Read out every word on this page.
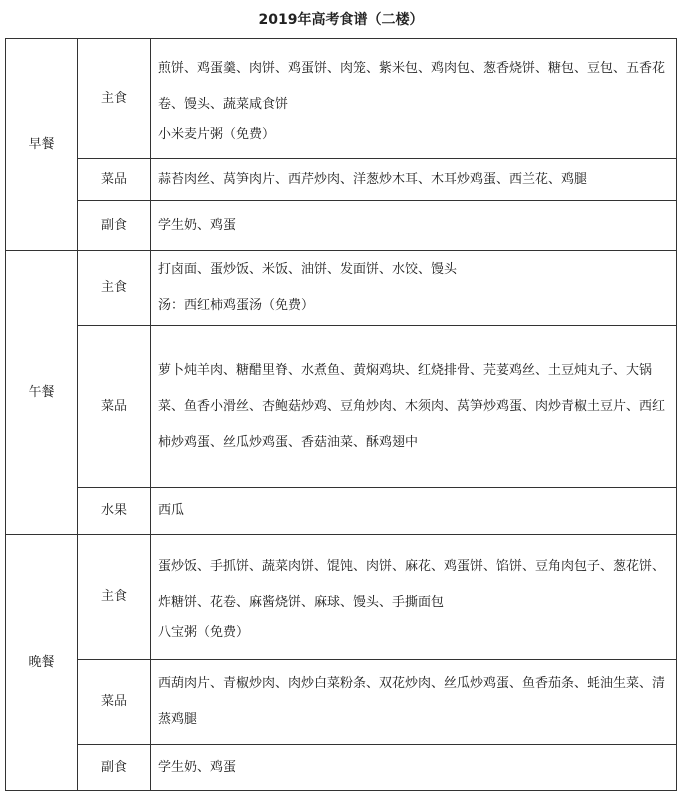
2019年高考食谱（二楼）
早餐	主食	煎饼、鸡蛋羹、肉饼、鸡蛋饼、肉笼、紫米包、鸡肉包、葱香烧饼、糖包、豆包、五香花卷、馒头、蔬菜咸食饼
小米麦片粥（免费）

	菜品	蒜苔肉丝、莴笋肉片、西芹炒肉、洋葱炒木耳、木耳炒鸡蛋、西兰花、鸡腿
	副食	学生奶、鸡蛋
午餐	主食	打卤面、蛋炒饭、米饭、油饼、发面饼、水饺、馒头
汤：西红柿鸡蛋汤（免费）

	菜品	萝卜炖羊肉、糖醋里脊、水煮鱼、黄焖鸡块、红烧排骨、芫荽鸡丝、土豆炖丸子、大锅菜、鱼香小滑丝、杏鲍菇炒鸡、豆角炒肉、木须肉、莴笋炒鸡蛋、肉炒青椒土豆片、西红柿炒鸡蛋、丝瓜炒鸡蛋、香菇油菜、酥鸡翅中

	水果	西瓜
晚餐	主食	蛋炒饭、手抓饼、蔬菜肉饼、馄饨、肉饼、麻花、鸡蛋饼、馅饼、豆角肉包子、葱花饼、炸糖饼、花卷、麻酱烧饼、麻球、馒头、手撕面包
八宝粥（免费）

	菜品	西葫肉片、青椒炒肉、肉炒白菜粉条、双花炒肉、丝瓜炒鸡蛋、鱼香茄条、蚝油生菜、清蒸鸡腿

	副食	学生奶、鸡蛋
